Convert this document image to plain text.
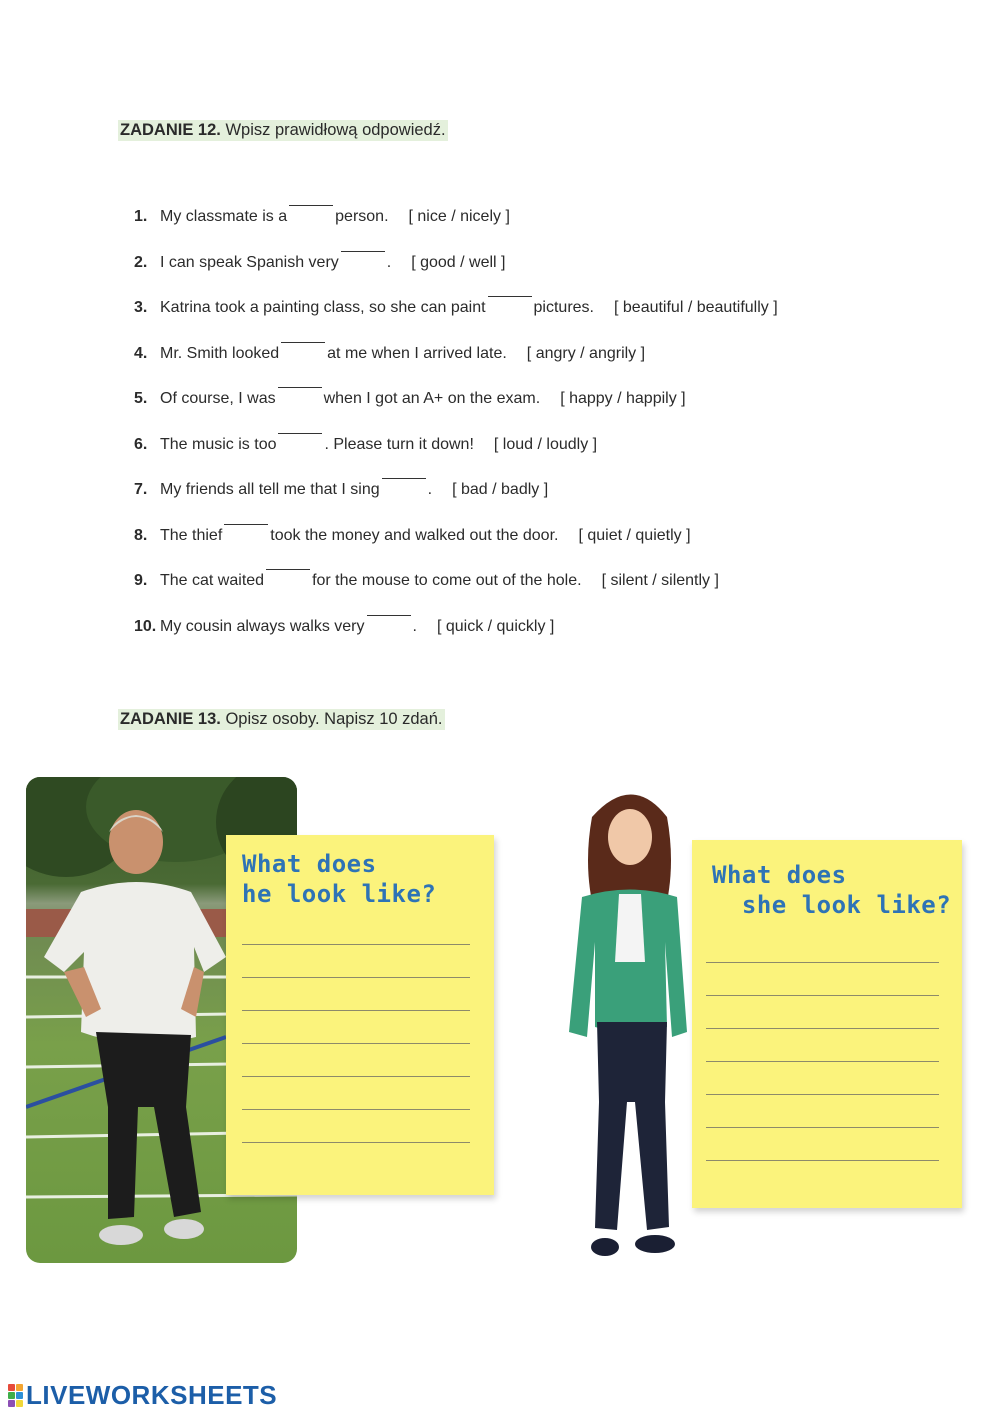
ZADANIE 12. Wpisz prawidłową odpowiedź.
1. My classmate is a	person. [ nice / nicely ]
2. I can speak Spanish very	. [ good / well ]
3. Katrina took a painting class, so she can paint	pictures. [ beautiful / beautifully ]
4. Mr. Smith looked	at me when I arrived late. [ angry / angrily ]
5. Of course, I was	when I got an A+ on the exam. [ happy / happily ]
6. The music is too	. Please turn it down! [ loud / loudly ]
7. My friends all tell me that I sing	. [ bad / badly ]
8. The thief	took the money and walked out the door. [ quiet / quietly ]
9. The cat waited	for the mouse to come out of the hole. [ silent / silently ]
10. My cousin always walks very	. [ quick / quickly ]
ZADANIE 13. Opisz osoby. Napisz 10 zdań.
What does
he look like?
What does
she look like?
LIVEWORKSHEETS
